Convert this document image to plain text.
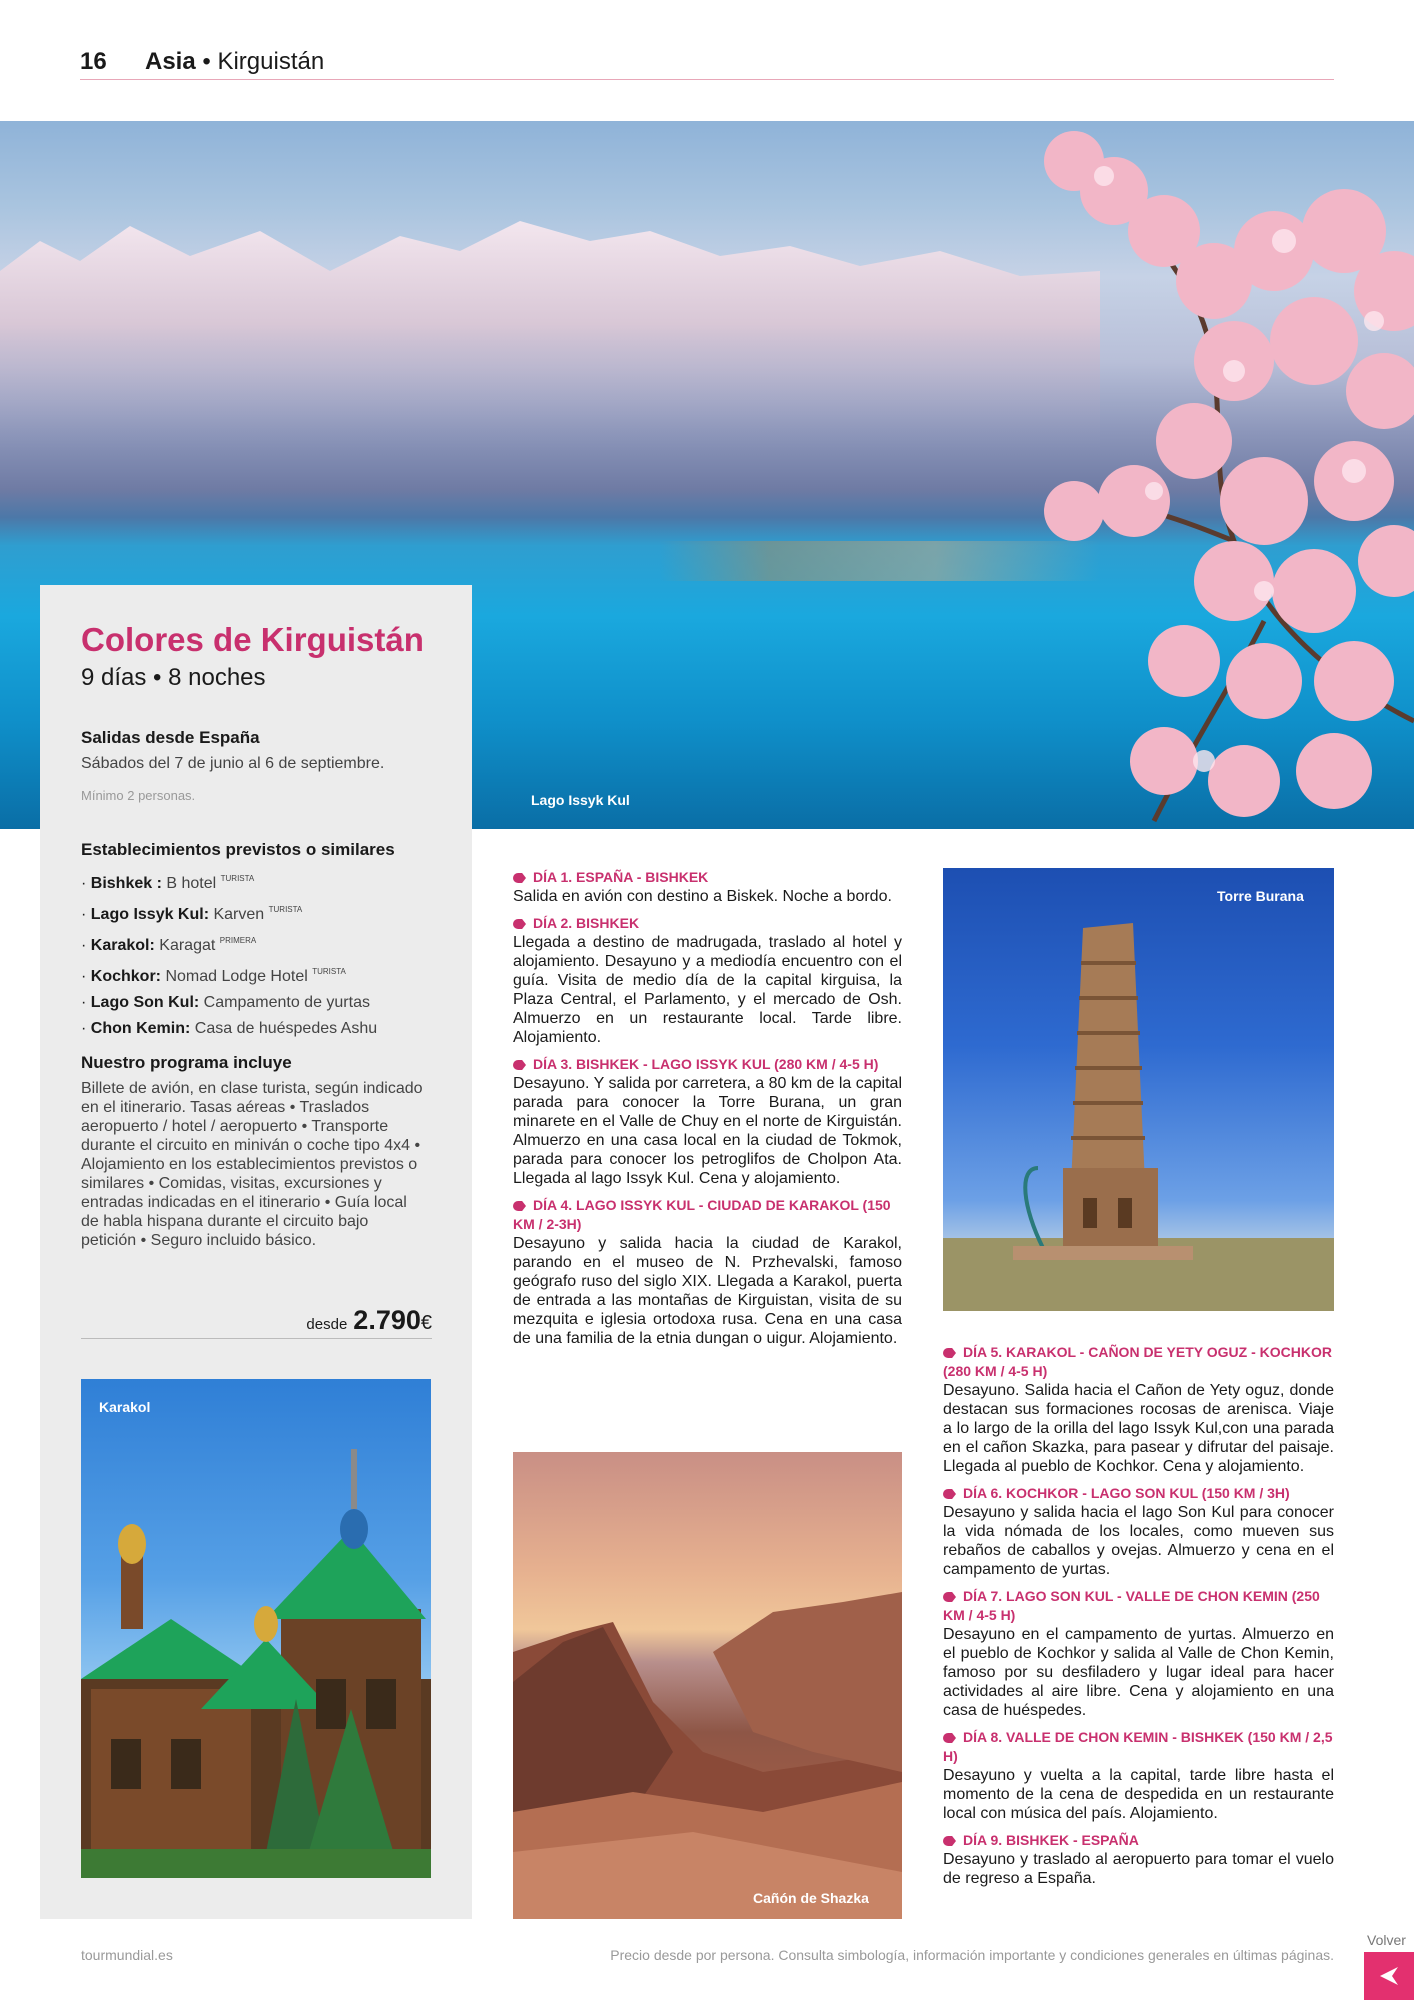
16 Asia • Kirguistán
Lago Issyk Kul
Colores de Kirguistán
9 días • 8 noches
Salidas desde España
Sábados del 7 de junio al 6 de septiembre.
Mínimo 2 personas.
Establecimientos previstos o similares
· Bishkek : B hotel $^{TURISTA}$
· Lago Issyk Kul: Karven $^{TURISTA}$
· Karakol: Karagat $^{PRIMERA}$
· Kochkor: Nomad Lodge Hotel $^{TURISTA}$
· Lago Son Kul: Campamento de yurtas
· Chon Kemin: Casa de huéspedes Ashu
Nuestro programa incluye
Billete de avión, en clase turista, según indicado en el itinerario. Tasas aéreas • Traslados aeropuerto / hotel / aeropuerto • Transporte durante el circuito en miniván o coche tipo 4x4 • Alojamiento en los establecimientos previstos o similares • Comidas, visitas, excursiones y entradas indicadas en el itinerario • Guía local de habla hispana durante el circuito bajo petición • Seguro incluido básico.
desde 2.790€
Karakol
Cañón de Shazka
Torre Burana
DÍA 1. ESPAÑA - BISHKEK
Salida en avión con destino a Biskek. Noche a bordo.
DÍA 2. BISHKEK
Llegada a destino de madrugada, traslado al hotel y alojamiento. Desayuno y a mediodía encuentro con el guía. Visita de medio día de la capital kirguisa, la Plaza Central, el Parlamento, y el mercado de Osh. Almuerzo en un restaurante local. Tarde libre. Alojamiento.
DÍA 3. BISHKEK - LAGO ISSYK KUL (280 KM / 4-5 H)
Desayuno. Y salida por carretera, a 80 km de la capital parada para conocer la Torre Burana, un gran minarete en el Valle de Chuy en el norte de Kirguistán. Almuerzo en una casa local en la ciudad de Tokmok, parada para conocer los petroglifos de Cholpon Ata. Llegada al lago Issyk Kul. Cena y alojamiento.
DÍA 4. LAGO ISSYK KUL - CIUDAD DE KARAKOL (150 KM / 2-3H)
Desayuno y salida hacia la ciudad de Karakol, parando en el museo de N. Przhevalski, famoso geógrafo ruso del siglo XIX. Llegada a Karakol, puerta de entrada a las montañas de Kirguistan, visita de su mezquita e iglesia ortodoxa rusa. Cena en una casa de una familia de la etnia dungan o uigur. Alojamiento.
DÍA 5. KARAKOL - CAÑON DE YETY OGUZ - KOCHKOR (280 KM / 4-5 H)
Desayuno. Salida hacia el Cañon de Yety oguz, donde destacan sus formaciones rocosas de arenisca. Viaje a lo largo de la orilla del lago Issyk Kul,con una parada en el cañon Skazka, para pasear y difrutar del paisaje. Llegada al pueblo de Kochkor. Cena y alojamiento.
DÍA 6. KOCHKOR - LAGO SON KUL (150 KM / 3H)
Desayuno y salida hacia el lago Son Kul para conocer la vida nómada de los locales, como mueven sus rebaños de caballos y ovejas. Almuerzo y cena en el campamento de yurtas.
DÍA 7. LAGO SON KUL - VALLE DE CHON KEMIN (250 KM / 4-5 H)
Desayuno en el campamento de yurtas. Almuerzo en el pueblo de Kochkor y salida al Valle de Chon Kemin, famoso por su desfiladero y lugar ideal para hacer actividades al aire libre. Cena y alojamiento en una casa de huéspedes.
DÍA 8. VALLE DE CHON KEMIN - BISHKEK (150 KM / 2,5 H)
Desayuno y vuelta a la capital, tarde libre hasta el momento de la cena de despedida en un restaurante local con música del país. Alojamiento.
DÍA 9. BISHKEK - ESPAÑA
Desayuno y traslado al aeropuerto para tomar el vuelo de regreso a España.
tourmundial.es	Precio desde por persona. Consulta simbología, información importante y condiciones generales en últimas páginas.
Volver
